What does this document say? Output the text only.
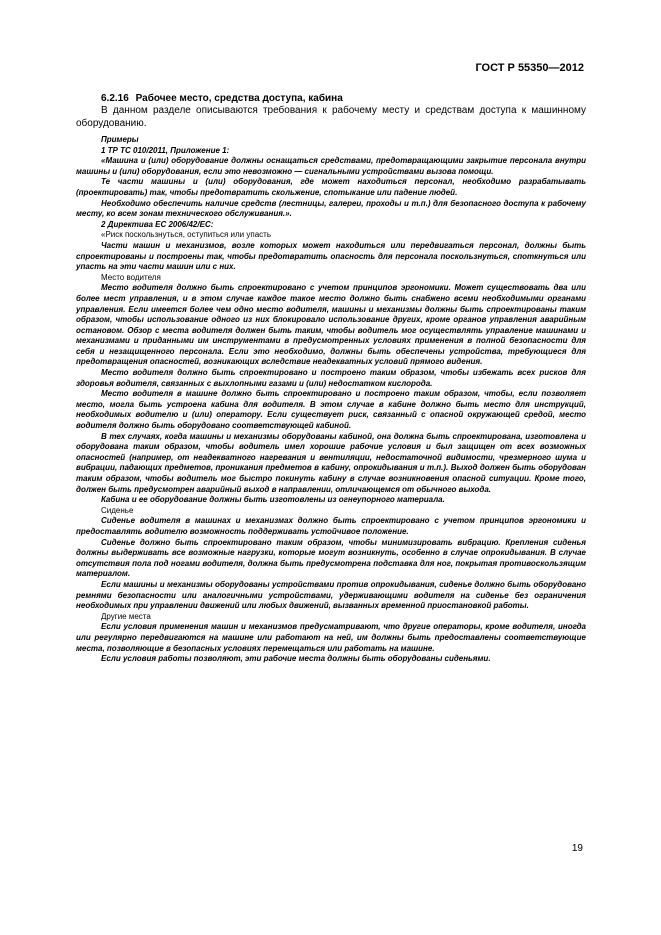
ГОСТ Р 55350—2012

6.2.16 Рабочее место, средства доступа, кабина

В данном разделе описываются требования к рабочему месту и средствам доступа к машинному оборудованию.

Примеры

1 ТР ТС 010/2011, Приложение 1:

«Машина и (или) оборудование должны оснащаться средствами, предотвращающими закрытие персонала внутри машины и (или) оборудования, если это невозможно — сигнальными устройствами вызова помощи.

Те части машины и (или) оборудования, где может находиться персонал, необходимо разрабатывать (проектировать) так, чтобы предотвратить скольжение, спотыкание или падение людей.

Необходимо обеспечить наличие средств (лестницы, галереи, проходы и т.п.) для безопасного доступа к рабочему месту, ко всем зонам технического обслуживания.».

2 Директива ЕС 2006/42/EC:

«Риск поскользнуться, оступиться или упасть

Части машин и механизмов, возле которых может находиться или передвигаться персонал, должны быть спроектированы и построены так, чтобы предотвратить опасность для персонала поскользнуться, споткнуться или упасть на эти части машин или с них.

Место водителя

Место водителя должно быть спроектировано с учетом принципов эргономики. Может существовать два или более мест управления, и в этом случае каждое такое место должно быть снабжено всеми необходимыми органами управления. Если имеется более чем одно место водителя, машины и механизмы должны быть спроектированы таким образом, чтобы использование одного из них блокировало использование других, кроме органов управления аварийным остановом. Обзор с места водителя должен быть таким, чтобы водитель мог осуществлять управление машинами и механизмами и приданными им инструментами в предусмотренных условиях применения в полной безопасности для себя и незащищенного персонала. Если это необходимо, должны быть обеспечены устройства, требующиеся для предотвращения опасностей, возникающих вследствие неадекватных условий прямого видения.

Место водителя должно быть спроектировано и построено таким образом, чтобы избежать всех рисков для здоровья водителя, связанных с выхлопными газами и (или) недостатком кислорода.

Место водителя в машине должно быть спроектировано и построено таким образом, чтобы, если позволяет место, могла быть устроена кабина для водителя. В этом случае в кабине должно быть место для инструкций, необходимых водителю и (или) оператору. Если существует риск, связанный с опасной окружающей средой, место водителя должно быть оборудовано соответствующей кабиной.

В тех случаях, когда машины и механизмы оборудованы кабиной, она должна быть спроектирована, изготовлена и оборудована таким образом, чтобы водитель имел хорошие рабочие условия и был защищен от всех возможных опасностей (например, от неадекватного нагревания и вентиляции, недостаточной видимости, чрезмерного шума и вибрации, падающих предметов, проникания предметов в кабину, опрокидывания и т.п.). Выход должен быть оборудован таким образом, чтобы водитель мог быстро покинуть кабину в случае возникновения опасной ситуации. Кроме того, должен быть предусмотрен аварийный выход в направлении, отличающемся от обычного выхода.

Кабина и ее оборудование должны быть изготовлены из огнеупорного материала.

Сиденье

Сиденье водителя в машинах и механизмах должно быть спроектировано с учетом принципов эргономики и предоставлять водителю возможность поддерживать устойчивое положение.

Сиденье должно быть спроектировано таким образом, чтобы минимизировать вибрацию. Крепления сиденья должны выдерживать все возможные нагрузки, которые могут возникнуть, особенно в случае опрокидывания. В случае отсутствия пола под ногами водителя, должна быть предусмотрена подставка для ног, покрытая противоскользящим материалом.

Если машины и механизмы оборудованы устройствами против опрокидывания, сиденье должно быть оборудовано ремнями безопасности или аналогичными устройствами, удерживающими водителя на сиденье без ограничения необходимых при управлении движений или любых движений, вызванных временной приостановкой работы.

Другие места

Если условия применения машин и механизмов предусматривают, что другие операторы, кроме водителя, иногда или регулярно передвигаются на машине или работают на ней, им должны быть предоставлены соответствующие места, позволяющие в безопасных условиях перемещаться или работать на машине.

Если условия работы позволяют, эти рабочие места должны быть оборудованы сиденьями.

19
